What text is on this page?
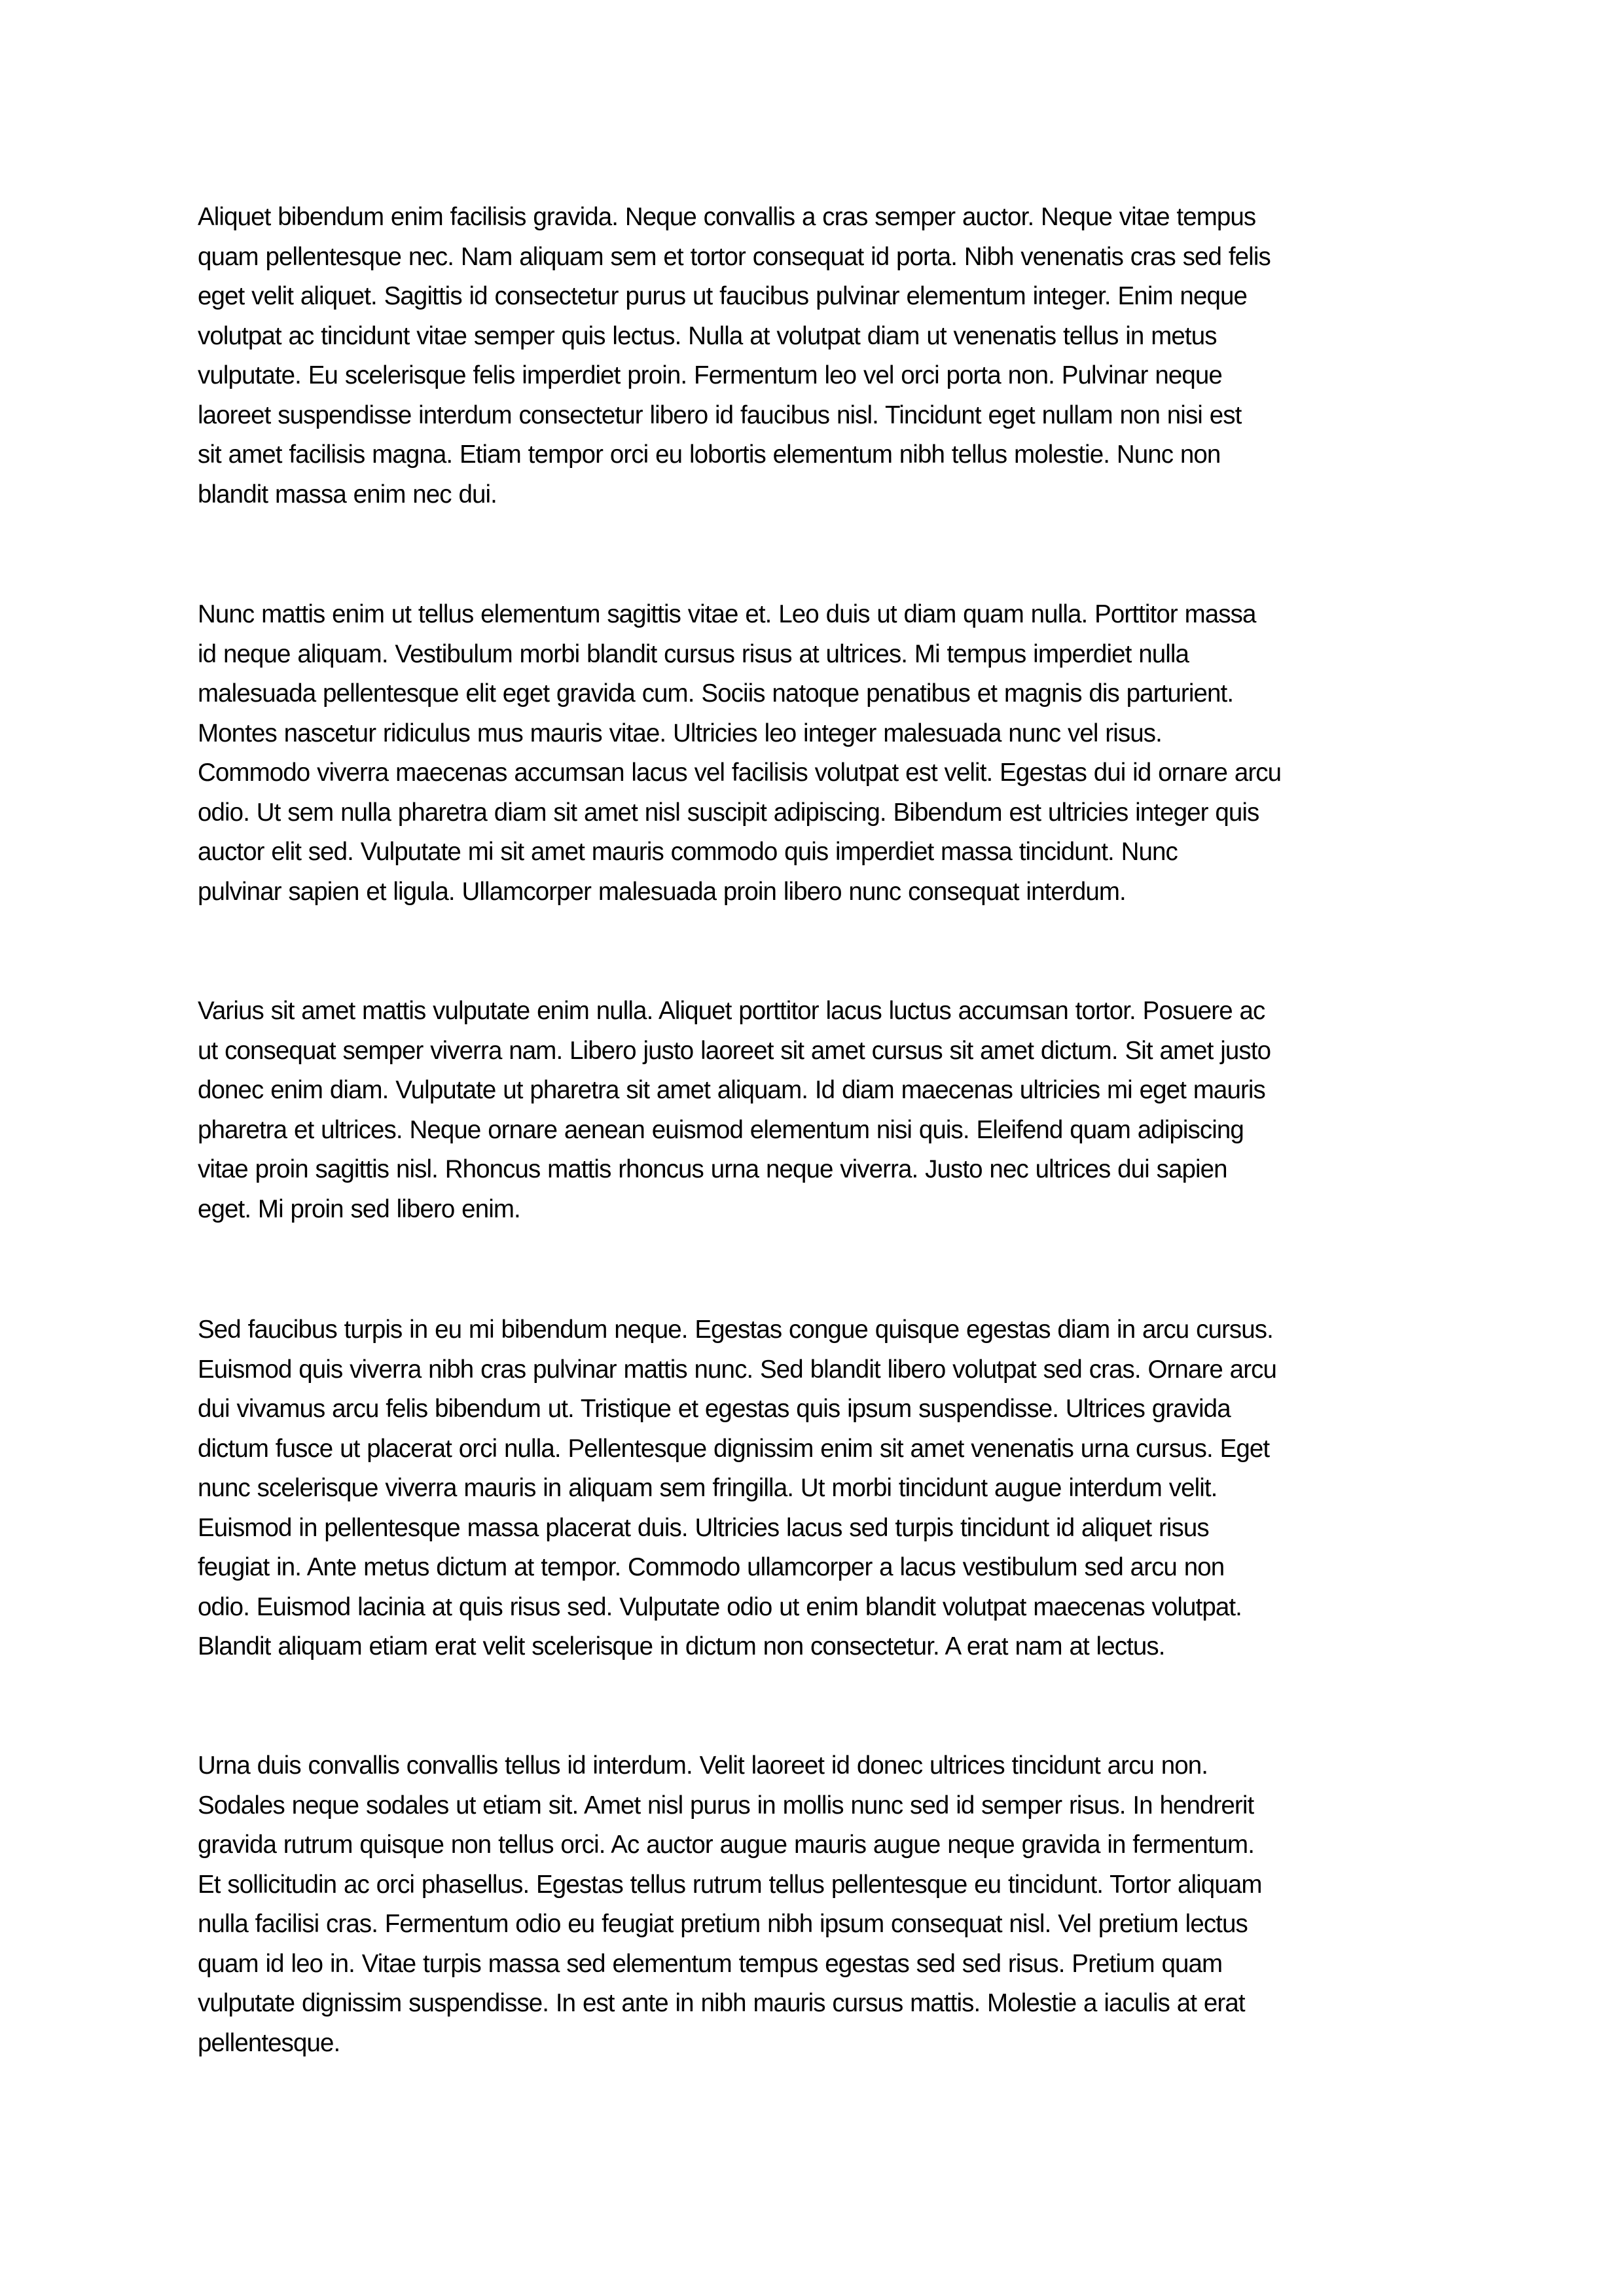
Aliquet bibendum enim facilisis gravida. Neque convallis a cras semper auctor. Neque vitae tempus
quam pellentesque nec. Nam aliquam sem et tortor consequat id porta. Nibh venenatis cras sed felis
eget velit aliquet. Sagittis id consectetur purus ut faucibus pulvinar elementum integer. Enim neque
volutpat ac tincidunt vitae semper quis lectus. Nulla at volutpat diam ut venenatis tellus in metus
vulputate. Eu scelerisque felis imperdiet proin. Fermentum leo vel orci porta non. Pulvinar neque
laoreet suspendisse interdum consectetur libero id faucibus nisl. Tincidunt eget nullam non nisi est
sit amet facilisis magna. Etiam tempor orci eu lobortis elementum nibh tellus molestie. Nunc non
blandit massa enim nec dui.

Nunc mattis enim ut tellus elementum sagittis vitae et. Leo duis ut diam quam nulla. Porttitor massa
id neque aliquam. Vestibulum morbi blandit cursus risus at ultrices. Mi tempus imperdiet nulla
malesuada pellentesque elit eget gravida cum. Sociis natoque penatibus et magnis dis parturient.
Montes nascetur ridiculus mus mauris vitae. Ultricies leo integer malesuada nunc vel risus.
Commodo viverra maecenas accumsan lacus vel facilisis volutpat est velit. Egestas dui id ornare arcu
odio. Ut sem nulla pharetra diam sit amet nisl suscipit adipiscing. Bibendum est ultricies integer quis
auctor elit sed. Vulputate mi sit amet mauris commodo quis imperdiet massa tincidunt. Nunc
pulvinar sapien et ligula. Ullamcorper malesuada proin libero nunc consequat interdum.

Varius sit amet mattis vulputate enim nulla. Aliquet porttitor lacus luctus accumsan tortor. Posuere ac
ut consequat semper viverra nam. Libero justo laoreet sit amet cursus sit amet dictum. Sit amet justo
donec enim diam. Vulputate ut pharetra sit amet aliquam. Id diam maecenas ultricies mi eget mauris
pharetra et ultrices. Neque ornare aenean euismod elementum nisi quis. Eleifend quam adipiscing
vitae proin sagittis nisl. Rhoncus mattis rhoncus urna neque viverra. Justo nec ultrices dui sapien
eget. Mi proin sed libero enim.

Sed faucibus turpis in eu mi bibendum neque. Egestas congue quisque egestas diam in arcu cursus.
Euismod quis viverra nibh cras pulvinar mattis nunc. Sed blandit libero volutpat sed cras. Ornare arcu
dui vivamus arcu felis bibendum ut. Tristique et egestas quis ipsum suspendisse. Ultrices gravida
dictum fusce ut placerat orci nulla. Pellentesque dignissim enim sit amet venenatis urna cursus. Eget
nunc scelerisque viverra mauris in aliquam sem fringilla. Ut morbi tincidunt augue interdum velit.
Euismod in pellentesque massa placerat duis. Ultricies lacus sed turpis tincidunt id aliquet risus
feugiat in. Ante metus dictum at tempor. Commodo ullamcorper a lacus vestibulum sed arcu non
odio. Euismod lacinia at quis risus sed. Vulputate odio ut enim blandit volutpat maecenas volutpat.
Blandit aliquam etiam erat velit scelerisque in dictum non consectetur. A erat nam at lectus.

Urna duis convallis convallis tellus id interdum. Velit laoreet id donec ultrices tincidunt arcu non.
Sodales neque sodales ut etiam sit. Amet nisl purus in mollis nunc sed id semper risus. In hendrerit
gravida rutrum quisque non tellus orci. Ac auctor augue mauris augue neque gravida in fermentum.
Et sollicitudin ac orci phasellus. Egestas tellus rutrum tellus pellentesque eu tincidunt. Tortor aliquam
nulla facilisi cras. Fermentum odio eu feugiat pretium nibh ipsum consequat nisl. Vel pretium lectus
quam id leo in. Vitae turpis massa sed elementum tempus egestas sed sed risus. Pretium quam
vulputate dignissim suspendisse. In est ante in nibh mauris cursus mattis. Molestie a iaculis at erat
pellentesque.
